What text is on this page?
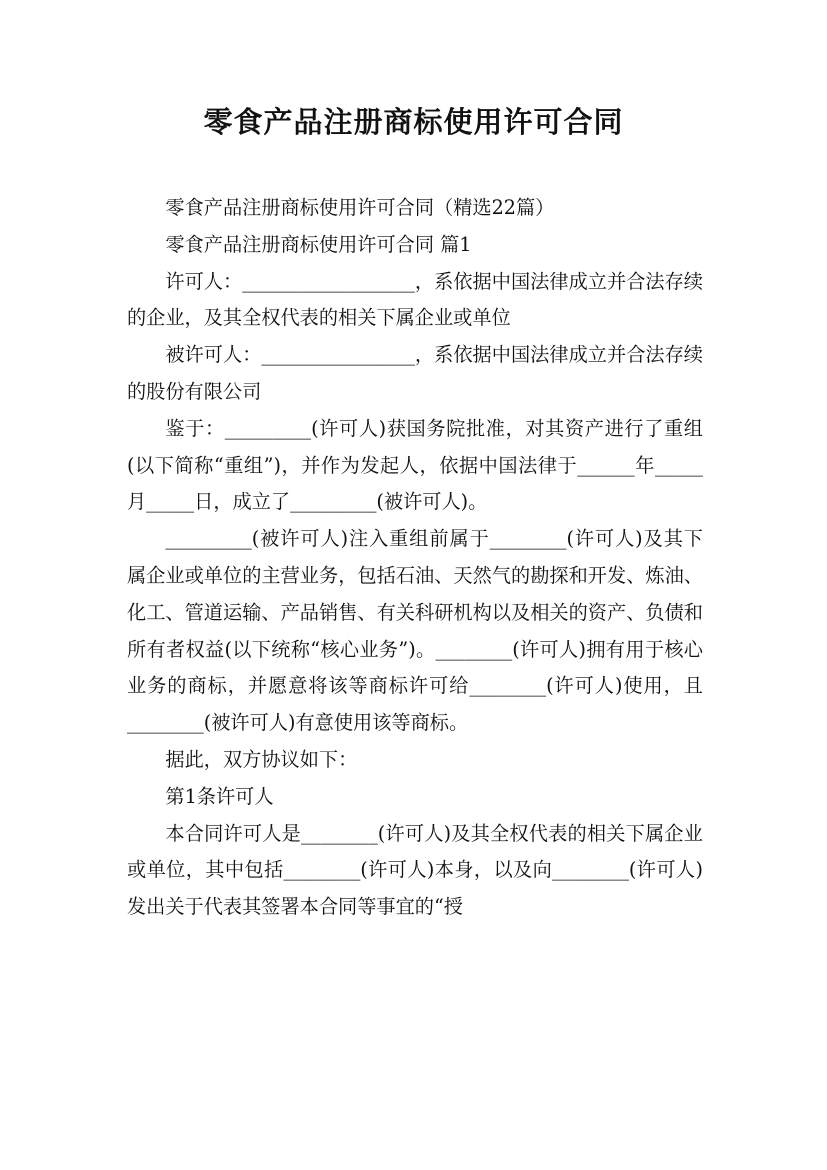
零食产品注册商标使用许可合同

零食产品注册商标使用许可合同（精选22篇）

零食产品注册商标使用许可合同 篇1

许可人：__________________，系依据中国法律成立并合法存续的企业，及其全权代表的相关下属企业或单位

被许可人：________________，系依据中国法律成立并合法存续的股份有限公司

鉴于：_________(许可人)获国务院批准，对其资产进行了重组(以下简称“重组”)，并作为发起人，依据中国法律于______年_____月_____日，成立了_________(被许可人)。

_________(被许可人)注入重组前属于________(许可人)及其下属企业或单位的主营业务，包括石油、天然气的勘探和开发、炼油、化工、管道运输、产品销售、有关科研机构以及相关的资产、负债和所有者权益(以下统称“核心业务”)。________(许可人)拥有用于核心业务的商标，并愿意将该等商标许可给________(许可人)使用，且________(被许可人)有意使用该等商标。

据此，双方协议如下：

第1条许可人

本合同许可人是________(许可人)及其全权代表的相关下属企业或单位，其中包括________(许可人)本身，以及向________(许可人)发出关于代表其签署本合同等事宜的“授
